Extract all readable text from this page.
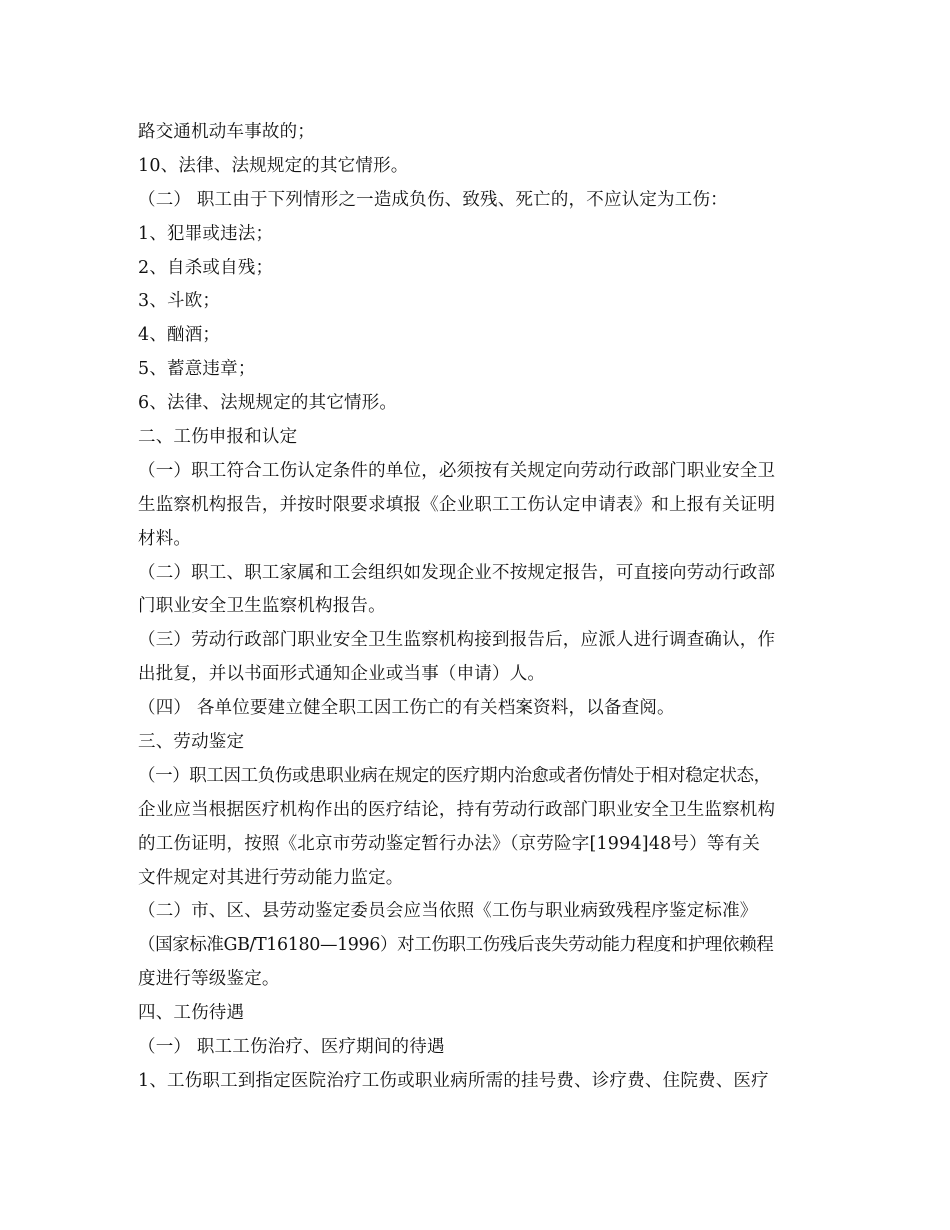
路交通机动车事故的；
10、法律、法规规定的其它情形。
（二） 职工由于下列情形之一造成负伤、致残、死亡的，不应认定为工伤：
1、犯罪或违法；
2、自杀或自残；
3、斗欧；
4、酗酒；
5、蓄意违章；
6、法律、法规规定的其它情形。
二、工伤申报和认定
（一）职工符合工伤认定条件的单位，必须按有关规定向劳动行政部门职业安全卫
生监察机构报告，并按时限要求填报《企业职工工伤认定申请表》和上报有关证明
材料。
（二）职工、职工家属和工会组织如发现企业不按规定报告，可直接向劳动行政部
门职业安全卫生监察机构报告。
（三）劳动行政部门职业安全卫生监察机构接到报告后，应派人进行调查确认，作
出批复，并以书面形式通知企业或当事（申请）人。
（四） 各单位要建立健全职工因工伤亡的有关档案资料，以备查阅。
三、劳动鉴定
（一）职工因工负伤或患职业病在规定的医疗期内治愈或者伤情处于相对稳定状态，
企业应当根据医疗机构作出的医疗结论，持有劳动行政部门职业安全卫生监察机构
的工伤证明，按照《北京市劳动鉴定暂行办法》（京劳险字[1994]48号）等有关
文件规定对其进行劳动能力监定。
（二）市、区、县劳动鉴定委员会应当依照《工伤与职业病致残程序鉴定标准》
（国家标准GB/T16180—1996）对工伤职工伤残后丧失劳动能力程度和护理依赖程
度进行等级鉴定。
四、工伤待遇
（一） 职工工伤治疗、医疗期间的待遇
1、工伤职工到指定医院治疗工伤或职业病所需的挂号费、诊疗费、住院费、医疗
